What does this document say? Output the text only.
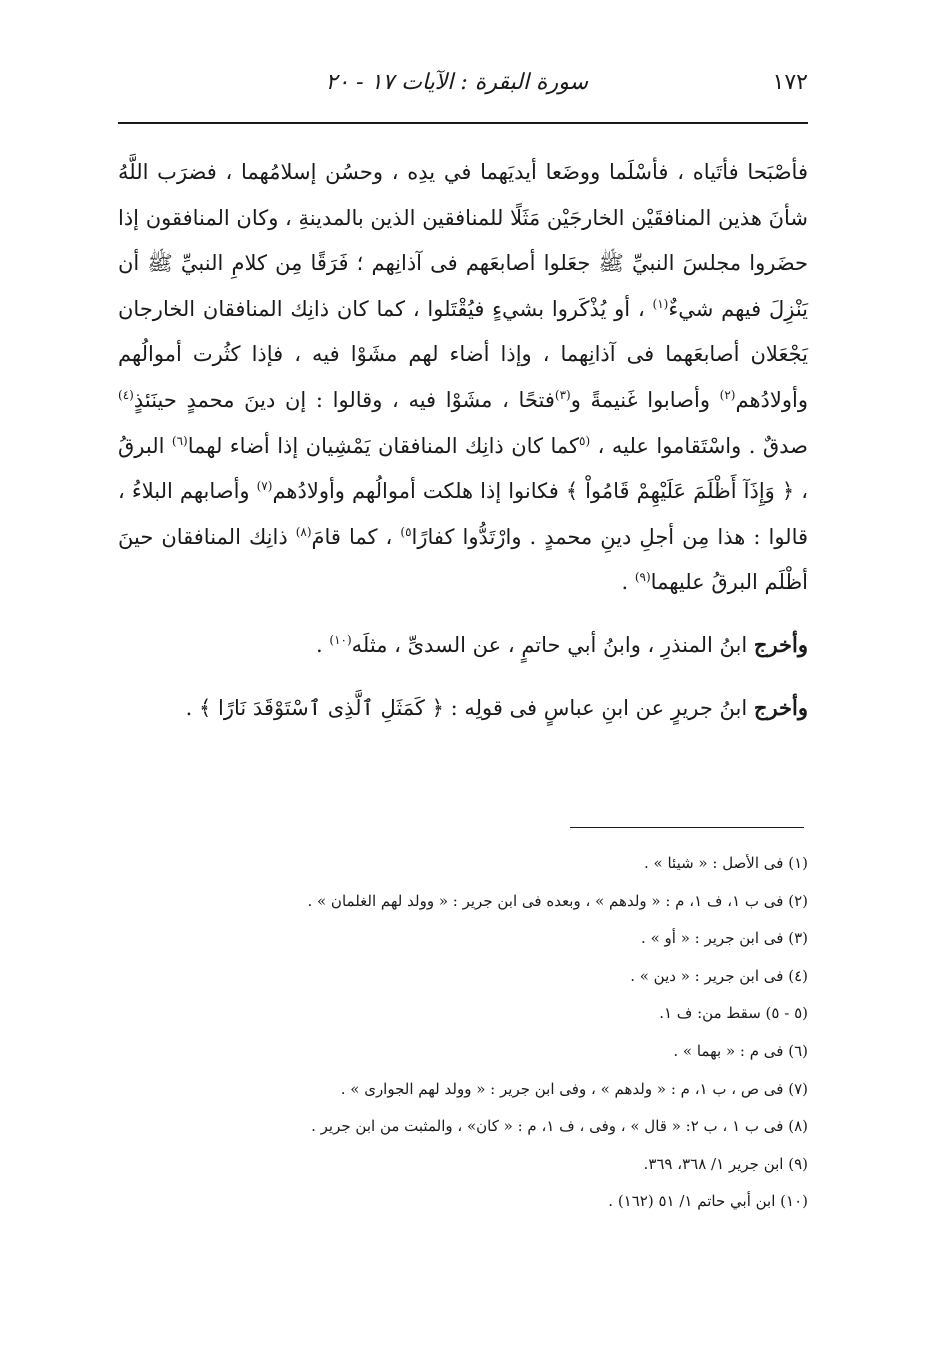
١٧٢
سورة البقرة : الآيات ١٧ - ٢٠

فأصْبَحا فأتَياه ، فأسْلَما ووضَعا أيديَهما في يدِه ، وحسُن إسلامُهما ، فضرَب اللَّهُ شأنَ هذين المنافقَيْن الخارجَيْن مَثَلًا للمنافقين الذين بالمدينةِ ، وكان المنافقون إذا حضَروا مجلسَ النبيِّ ﷺ جعَلوا أصابعَهم فى آذانِهم ؛ فَرَقًا مِن كلامِ النبيِّ ﷺ أن يَنْزِلَ فيهم شيءٌ$^{(١)}$ ، أو يُذْكَروا بشيءٍ فيُقْتَلوا ، كما كان ذانِك المنافقان الخارجان يَجْعَلان أصابعَهما فى آذانِهما ، وإذا أضاء لهم مشَوْا فيه ، فإذا كثُرت أموالُهم وأولادُهم$^{(٢)}$ وأصابوا غَنيمةً و$^{(٣)}$فتحًا ، مشَوْا فيه ، وقالوا : إن دينَ محمدٍ حينَئذٍ$^{(٤)}$ صدقٌ . واسْتَقاموا عليه ، $^{(٥}$كما كان ذانِك المنافقان يَمْشِيان إذا أضاء لهما$^{(٦)}$ البرقُ ، ﴿ وَإِذَآ أَظْلَمَ عَلَيْهِمْ قَامُواْ ﴾ فكانوا إذا هلكت أموالُهم وأولادُهم$^{(٧)}$ وأصابهم البلاءُ ، قالوا : هذا مِن أجلِ دينِ محمدٍ . وارْتَدُّوا كفارًا$^{٥)}$ ، كما قامَ$^{(٨)}$ ذانِك المنافقان حينَ أظْلَم البرقُ عليهما$^{(٩)}$ .

وأخرج ابنُ المنذرِ ، وابنُ أبي حاتمٍ ، عن السدىِّ ، مثلَه$^{(١٠)}$ .

وأخرج ابنُ جريرٍ عن ابنِ عباسٍ فى قولِه : ﴿ كَمَثَلِ ٱلَّذِى ٱسْتَوْقَدَ نَارًا ﴾ .

(١) فى الأصل : « شيئا » .
(٢) فى ب ١، ف ١، م : « ولدهم » ، وبعده فى ابن جرير : « وولد لهم الغلمان » .
(٣) فى ابن جرير : « أو » .
(٤) فى ابن جرير : « دين » .
(٥ - ٥) سقط من: ف ١.
(٦) فى م : « بهما » .
(٧) فى ص ، ب ١، م : « ولدهم » ، وفى ابن جرير : « وولد لهم الجوارى » .
(٨) فى ب ١ ، ب ٢: « قال » ، وفى ، ف ١، م : « كان» ، والمثبت من ابن جرير .
(٩) ابن جرير ١/ ٣٦٨، ٣٦٩.
(١٠) ابن أبي حاتم ١/ ٥١ (١٦٢) .
